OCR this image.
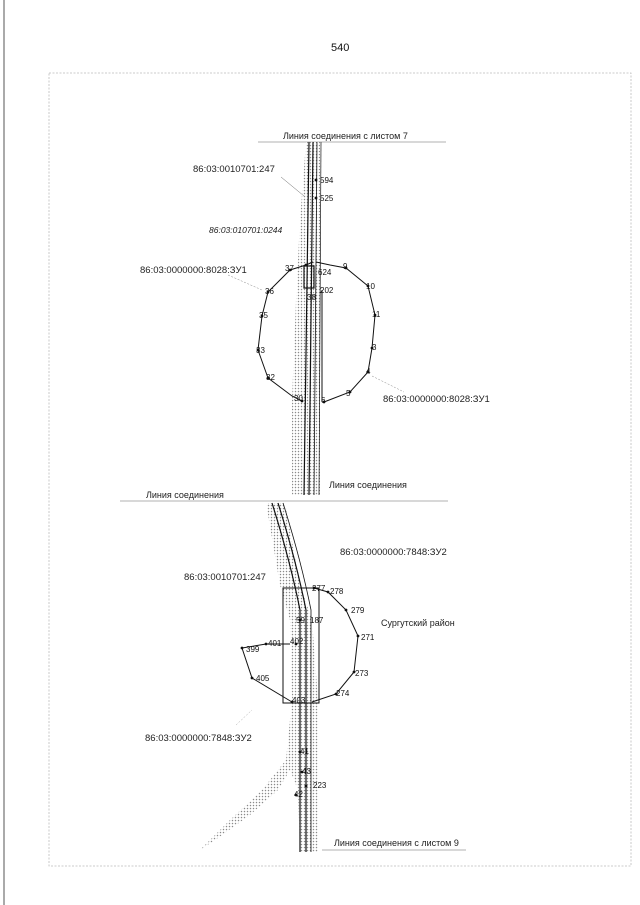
540
Линия соединения с листом 7
Линия соединения
Линия соединения
Сургутский район
Линия соединения с листом 9
86:03:0010701:247
86:03:010701:0244
86:03:0000000:8028:ЗУ1
86:03:0000000:8028:ЗУ1
86:03:0000000:7848:ЗУ2
86:03:0010701:247
86:03:0000000:7848:ЗУ2
594
525
37	9
624
202	10
36
38
11
35
3
33
4
32
5
30 6
277 278
279
59 187
271
401 402
399
273
405
274
403
41
43
223
42
